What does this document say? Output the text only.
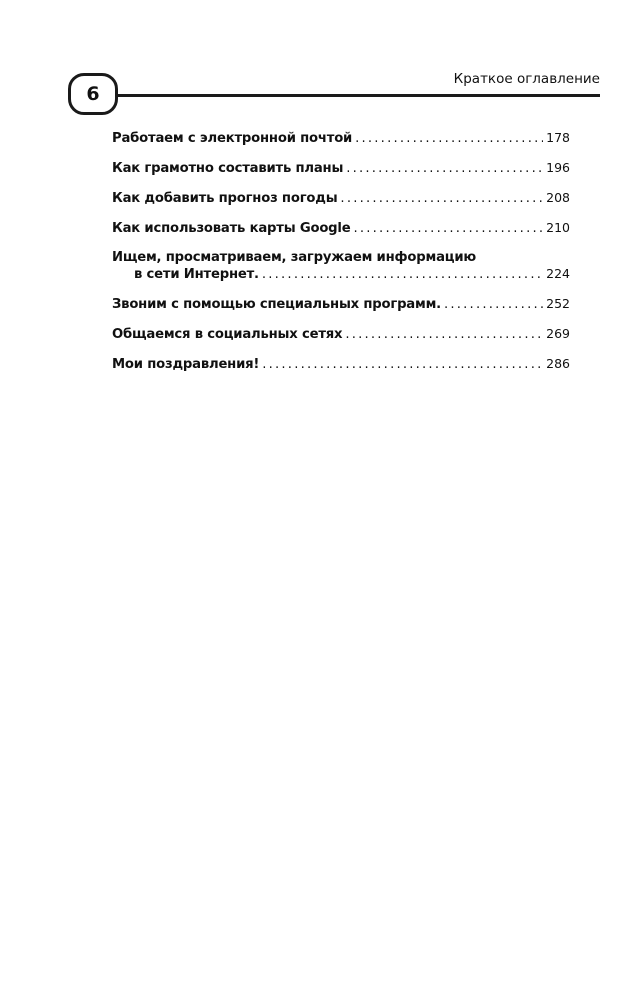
6
Краткое оглавление
Работаем с электронной почтой .....	178
Как грамотно составить планы .....	196
Как добавить прогноз погоды .....	208
Как использовать карты Google .....	210
Ищем, просматриваем, загружаем информацию
в сети Интернет. .....	224
Звоним с помощью специальных программ. .....	252
Общаемся в социальных сетях .....	269
Мои поздравления! .....	286
